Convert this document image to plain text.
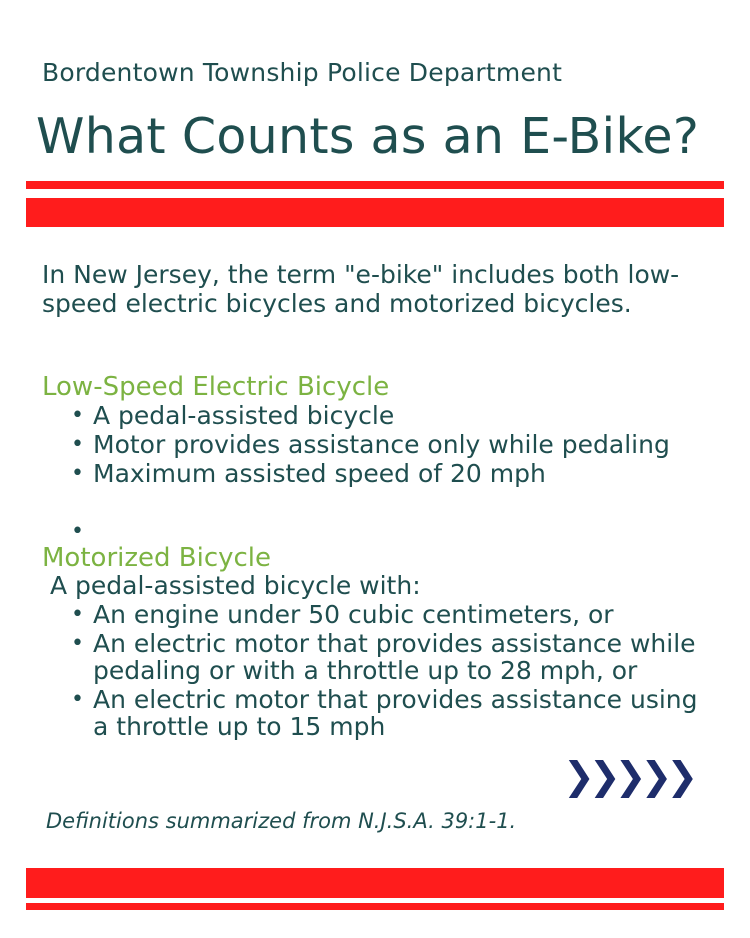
Bordentown Township Police Department
What Counts as an E-Bike?

In New Jersey, the term "e-bike" includes both low-speed electric bicycles and motorized bicycles.

Low-Speed Electric Bicycle
• A pedal-assisted bicycle
• Motor provides assistance only while pedaling
• Maximum assisted speed of 20 mph
•
Motorized Bicycle
A pedal-assisted bicycle with:
• An engine under 50 cubic centimeters, or
• An electric motor that provides assistance while pedaling or with a throttle up to 28 mph, or
• An electric motor that provides assistance using a throttle up to 15 mph
❯❯❯❯❯
Definitions summarized from N.J.S.A. 39:1-1.
